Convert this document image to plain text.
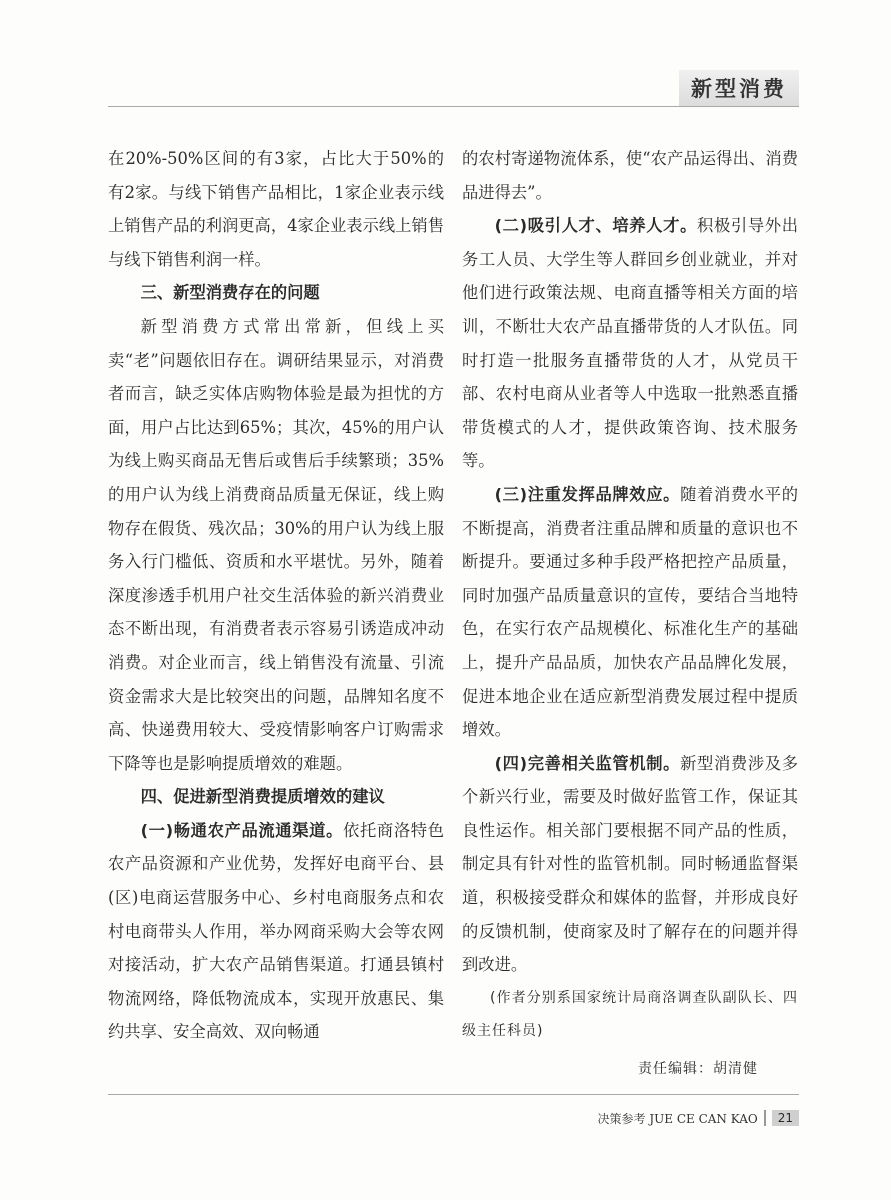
新型消费

在20%-50%区间的有3家，占比大于50%的有2家。与线下销售产品相比，1家企业表示线上销售产品的利润更高，4家企业表示线上销售与线下销售利润一样。

三、新型消费存在的问题

新型消费方式常出常新，但线上买卖“老”问题依旧存在。调研结果显示，对消费者而言，缺乏实体店购物体验是最为担忧的方面，用户占比达到65%；其次，45%的用户认为线上购买商品无售后或售后手续繁琐；35%的用户认为线上消费商品质量无保证，线上购物存在假货、残次品；30%的用户认为线上服务入行门槛低、资质和水平堪忧。另外，随着深度渗透手机用户社交生活体验的新兴消费业态不断出现，有消费者表示容易引诱造成冲动消费。对企业而言，线上销售没有流量、引流资金需求大是比较突出的问题，品牌知名度不高、快递费用较大、受疫情影响客户订购需求下降等也是影响提质增效的难题。

四、促进新型消费提质增效的建议

(一)畅通农产品流通渠道。依托商洛特色农产品资源和产业优势，发挥好电商平台、县(区)电商运营服务中心、乡村电商服务点和农村电商带头人作用，举办网商采购大会等农网对接活动，扩大农产品销售渠道。打通县镇村物流网络，降低物流成本，实现开放惠民、集约共享、安全高效、双向畅通

的农村寄递物流体系，使“农产品运得出、消费品进得去”。

(二)吸引人才、培养人才。积极引导外出务工人员、大学生等人群回乡创业就业，并对他们进行政策法规、电商直播等相关方面的培训，不断壮大农产品直播带货的人才队伍。同时打造一批服务直播带货的人才，从党员干部、农村电商从业者等人中选取一批熟悉直播带货模式的人才，提供政策咨询、技术服务等。

(三)注重发挥品牌效应。随着消费水平的不断提高，消费者注重品牌和质量的意识也不断提升。要通过多种手段严格把控产品质量，同时加强产品质量意识的宣传，要结合当地特色，在实行农产品规模化、标准化生产的基础上，提升产品品质，加快农产品品牌化发展，促进本地企业在适应新型消费发展过程中提质增效。

(四)完善相关监管机制。新型消费涉及多个新兴行业，需要及时做好监管工作，保证其良性运作。相关部门要根据不同产品的性质，制定具有针对性的监管机制。同时畅通监督渠道，积极接受群众和媒体的监督，并形成良好的反馈机制，使商家及时了解存在的问题并得到改进。

(作者分别系国家统计局商洛调查队副队长、四级主任科员)

责任编辑：胡清健
决策参考 JUE CE CAN KAO	21
